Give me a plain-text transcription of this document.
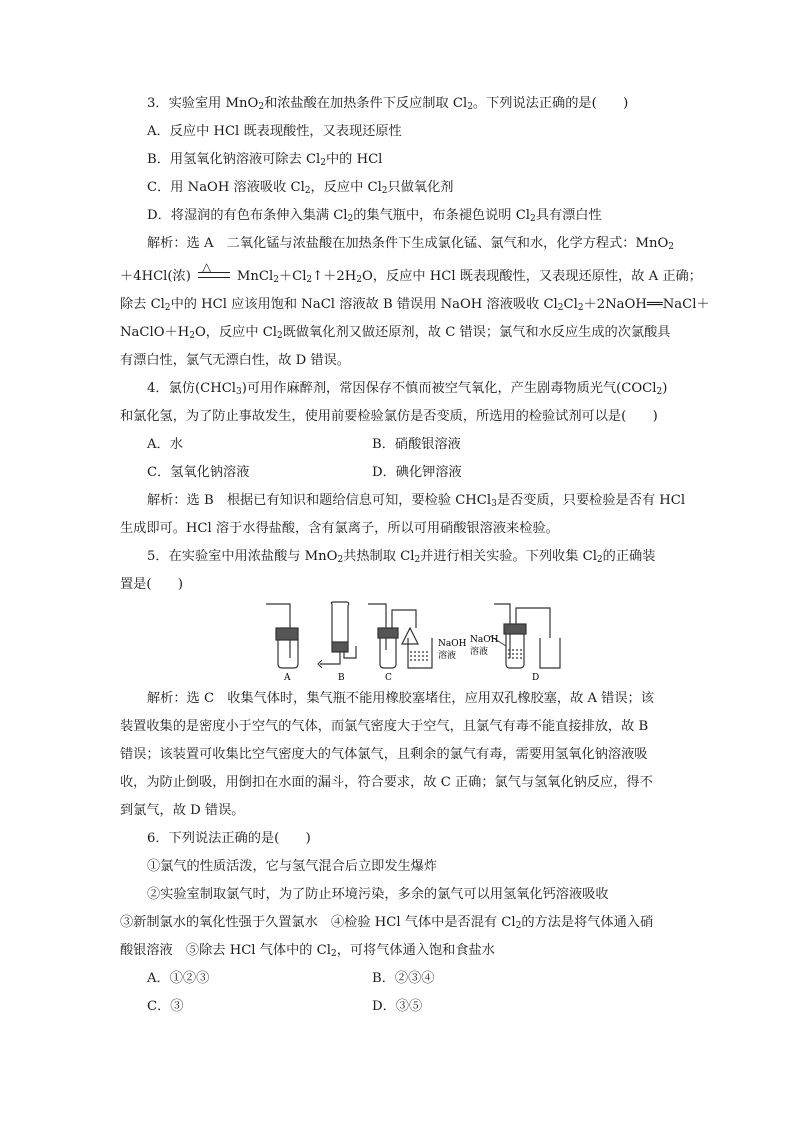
3．实验室用 MnO$_2$和浓盐酸在加热条件下反应制取 $Cl_2$。下列说法正确的是(　　)
A．反应中 HCl 既表现酸性，又表现还原性
B．用氢氧化钠溶液可除去 $Cl_2$中的 HCl
C．用 NaOH 溶液吸收 $Cl_2$，反应中 $Cl_2$只做氧化剂
D．将湿润的有色布条伸入集满 $Cl_2$的集气瓶中，布条褪色说明 $Cl_2$具有漂白性
解析：选 A　二氧化锰与浓盐酸在加热条件下生成氯化锰、氯气和水，化学方程式：MnO$_2$
△
＋4HCl(浓)	$MnCl_2+Cl_2↑+2H_2O$，反应中 HCl 既表现酸性，又表现还原性，故 A 正确；
除去 $Cl_2$中的 HCl 应该用饱和 NaCl 溶液故 B 错误用 NaOH 溶液吸收 $Cl_2Cl_2+2NaOH══NaCl+$
$NaClO+H_2O$，反应中 $Cl_2$既做氧化剂又做还原剂，故 C 错误；氯气和水反应生成的次氯酸具
有漂白性，氯气无漂白性，故 D 错误。
4．氯仿(CHCl$_3$)可用作麻醉剂，常因保存不慎而被空气氧化，产生剧毒物质光气(COCl$_2$)
和氯化氢，为了防止事故发生，使用前要检验氯仿是否变质，所选用的检验试剂可以是(　　)
A．水	B．硝酸银溶液
C．氢氧化钠溶液	D．碘化钾溶液
解析：选 B　根据已有知识和题给信息可知，要检验 CHCl$_3$是否变质，只要检验是否有 HCl
生成即可。HCl 溶于水得盐酸，含有氯离子，所以可用硝酸银溶液来检验。
5．在实验室中用浓盐酸与 MnO$_2$共热制取 $Cl_2$并进行相关实验。下列收集 $Cl_2$的正确装
置是(　　)
NaOH
溶液
NaOH
溶液
A	B	C	D
解析：选 C　收集气体时，集气瓶不能用橡胶塞堵住，应用双孔橡胶塞，故 A 错误；该
装置收集的是密度小于空气的气体，而氯气密度大于空气，且氯气有毒不能直接排放，故 B
错误；该装置可收集比空气密度大的气体氯气，且剩余的氯气有毒，需要用氢氧化钠溶液吸
收，为防止倒吸，用倒扣在水面的漏斗，符合要求，故 C 正确；氯气与氢氧化钠反应，得不
到氯气，故 D 错误。
6．下列说法正确的是(　　)
①氯气的性质活泼，它与氢气混合后立即发生爆炸
②实验室制取氯气时，为了防止环境污染，多余的氯气可以用氢氧化钙溶液吸收
③新制氯水的氧化性强于久置氯水　④检验 HCl 气体中是否混有 $Cl_2$的方法是将气体通入硝
酸银溶液　⑤除去 HCl 气体中的 $Cl_2$，可将气体通入饱和食盐水
A．①②③	B．②③④
C．③	D．③⑤
